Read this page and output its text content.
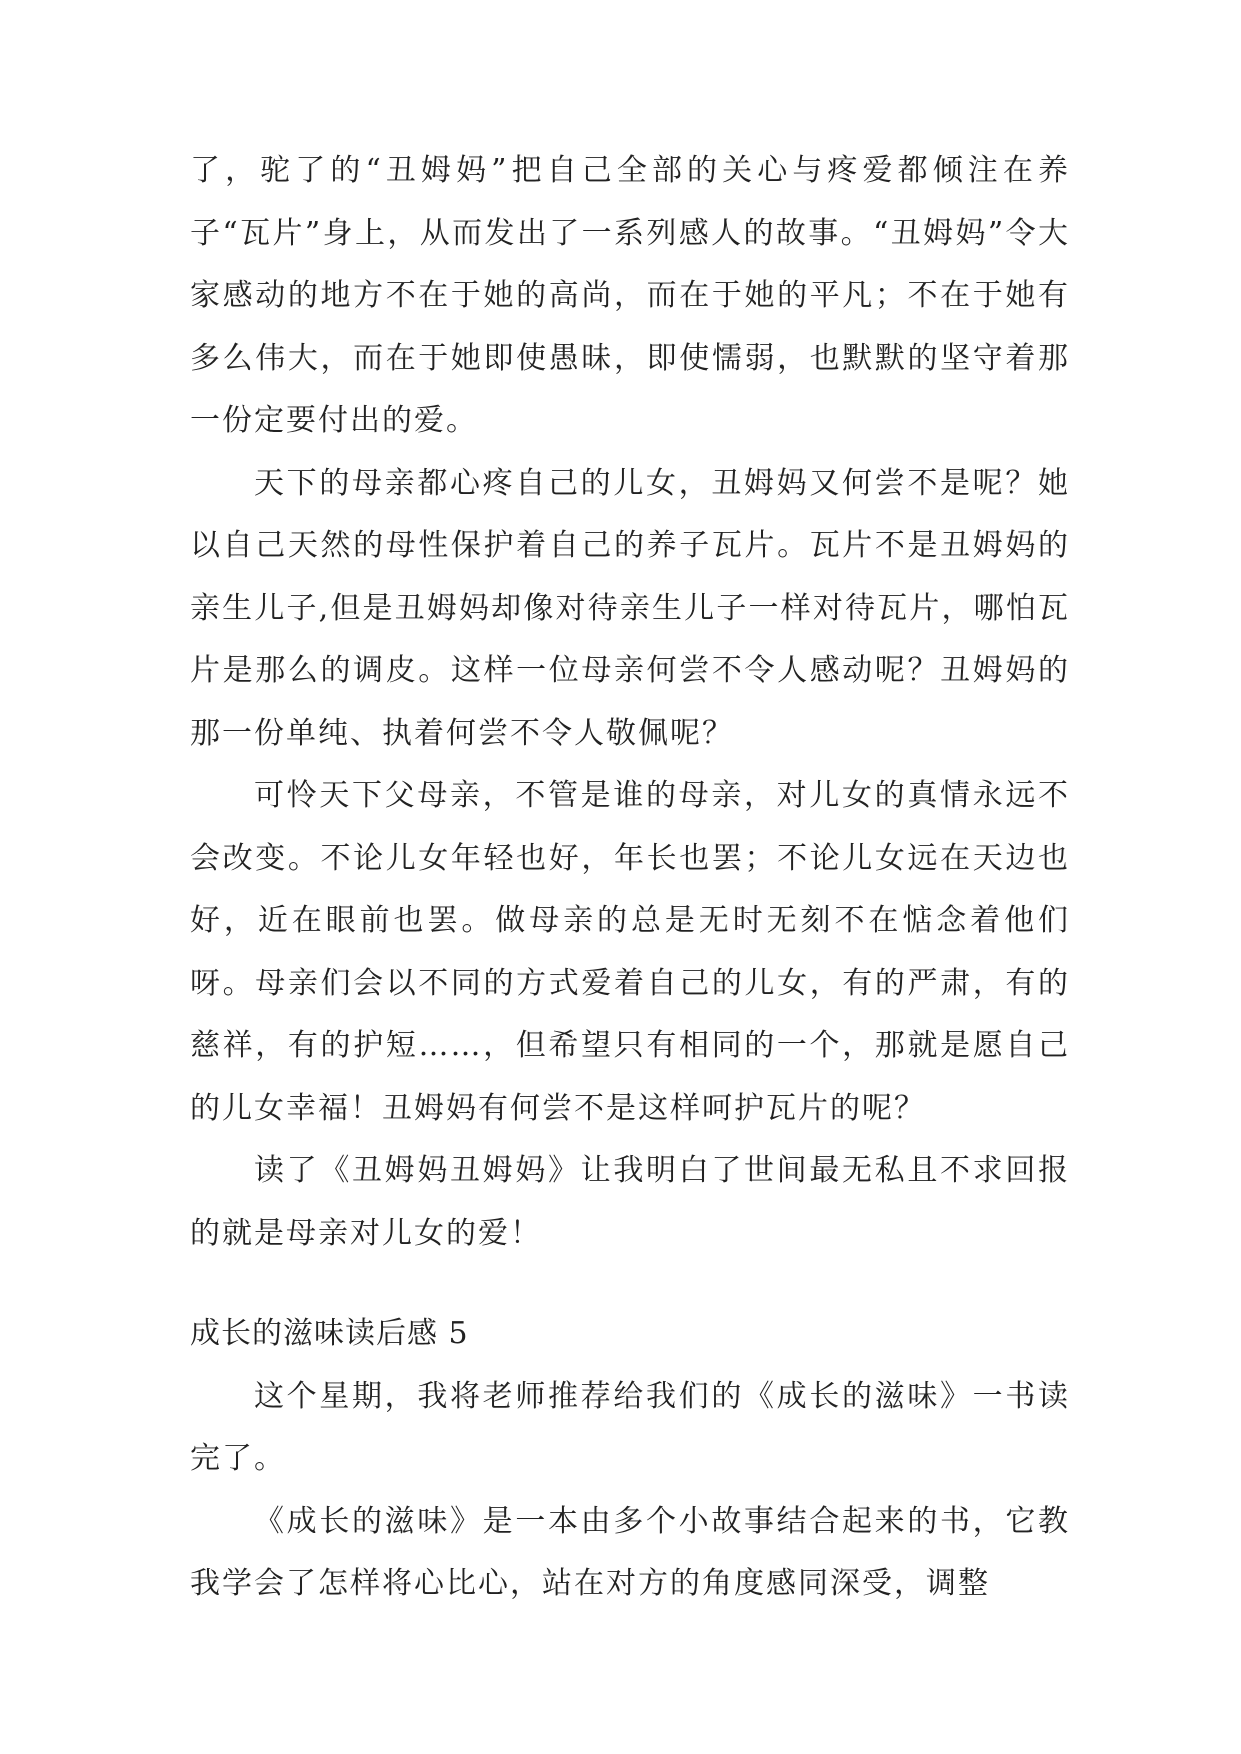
了，驼了的“丑姆妈”把自己全部的关心与疼爱都倾注在养子“瓦片”身上，从而发出了一系列感人的故事。“丑姆妈”令大家感动的地方不在于她的高尚，而在于她的平凡；不在于她有多么伟大，而在于她即使愚昧，即使懦弱，也默默的坚守着那一份定要付出的爱。

天下的母亲都心疼自己的儿女，丑姆妈又何尝不是呢？她以自己天然的母性保护着自己的养子瓦片。瓦片不是丑姆妈的亲生儿子,但是丑姆妈却像对待亲生儿子一样对待瓦片，哪怕瓦片是那么的调皮。这样一位母亲何尝不令人感动呢？丑姆妈的那一份单纯、执着何尝不令人敬佩呢？

可怜天下父母亲，不管是谁的母亲，对儿女的真情永远不会改变。不论儿女年轻也好，年长也罢；不论儿女远在天边也好，近在眼前也罢。做母亲的总是无时无刻不在惦念着他们呀。母亲们会以不同的方式爱着自己的儿女，有的严肃，有的慈祥，有的护短……，但希望只有相同的一个，那就是愿自己的儿女幸福！丑姆妈有何尝不是这样呵护瓦片的呢？

读了《丑姆妈丑姆妈》让我明白了世间最无私且不求回报的就是母亲对儿女的爱！

成长的滋味读后感 5

这个星期，我将老师推荐给我们的《成长的滋味》一书读完了。

《成长的滋味》是一本由多个小故事结合起来的书，它教我学会了怎样将心比心，站在对方的角度感同深受，调整
